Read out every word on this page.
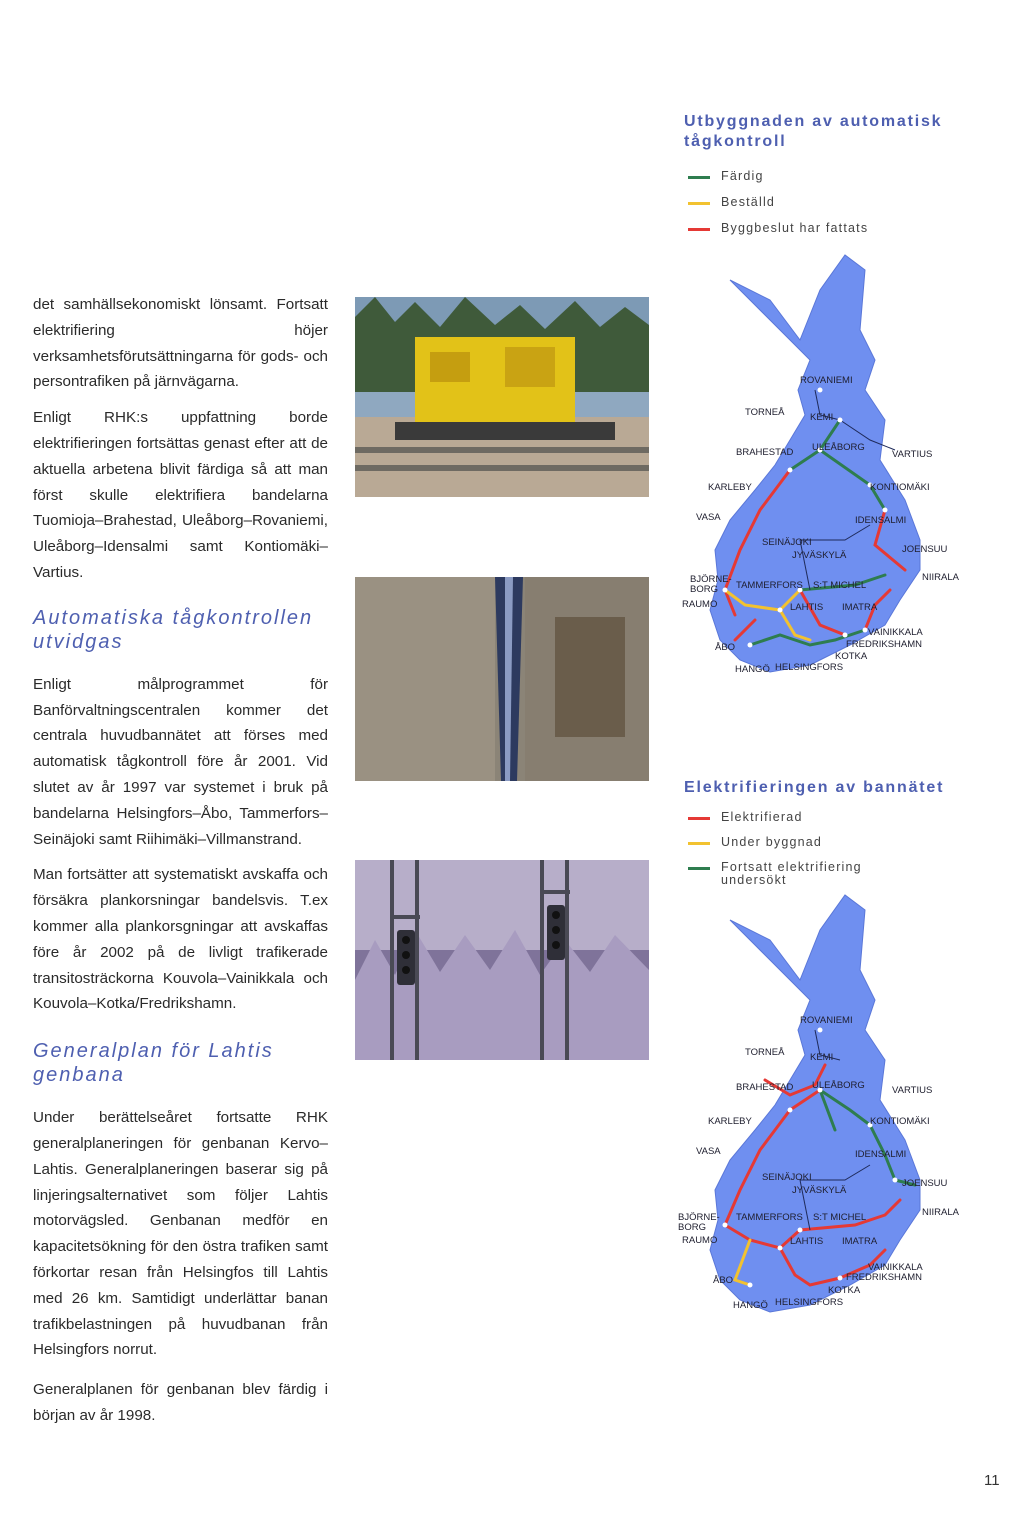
Utbyggnaden av automatisk tågkontroll
Färdig
Beställd
Byggbeslut har fattats
ROVANIEMI
TORNEÅ	KEMI
BRAHESTAD ULEÅBORG
VARTIUS
KARLEBY	KONTIOMÄKI
VASA	IDENSALMI
SEINÄJOKI
JYVÄSKYLÄ
JOENSUU
BJÖRNE-
BORG TAMMERFORS S:T MICHEL
NIIRALA
RAUMO	LAHTIS IMATRA
VAINIKKALA
ÅBO	FREDRIKSHAMN
KOTKA
HANGÖ HELSINGFORS
Elektrifieringen av bannätet
Elektrifierad
Under byggnad
Fortsatt elektrifiering undersökt
ROVANIEMI
TORNEÅ	KEMI
BRAHESTAD ULEÅBORG	VARTIUS
KARLEBY	KONTIOMÄKI
VASA	IDENSALMI
SEINÄJOKI
JYVÄSKYLÄ
JOENSUU
BJÖRNE-
BORG
TAMMERFORS S:T MICHEL	NIIRALA
RAUMO	LAHTIS IMATRA
VAINIKKALA
ÅBO	FREDRIKSHAMN
KOTKA
HANGÖ HELSINGFORS

det samhällsekonomiskt lönsamt. Fortsatt elektrifiering höjer verksamhetsförutsättningarna för gods- och persontrafiken på järnvägarna.

Enligt RHK:s uppfattning borde elektrifieringen fortsättas genast efter att de aktuella arbetena blivit färdiga så att man först skulle elektrifiera bandelarna Tuomioja–Brahestad, Uleåborg–Rovaniemi, Uleåborg–Idensalmi samt Kontiomäki–Vartius.

Automatiska tågkontrollen utvidgas

Enligt målprogrammet för Banförvaltningscentralen kommer det centrala huvudbannätet att förses med automatisk tågkontroll före år 2001. Vid slutet av år 1997 var systemet i bruk på bandelarna Helsingfors–Åbo, Tammerfors–Seinäjoki samt Riihimäki–Villmanstrand.

Man fortsätter att systematiskt avskaffa och försäkra plankorsningar bandelsvis. T.ex kommer alla plankorsgningar att avskaffas före år 2002 på de livligt trafikerade transitosträckorna Kouvola–Vainikkala och Kouvola–Kotka/Fredrikshamn.

Generalplan för Lahtis genbana

Under berättelseåret fortsatte RHK generalplaneringen för genbanan Kervo–Lahtis. Generalplaneringen baserar sig på linjeringsalternativet som följer Lahtis motorvägsled. Genbanan medför en kapacitetsökning för den östra trafiken samt förkortar resan från Helsingfos till Lahtis med 26 km. Samtidigt underlättar banan trafikbelastningen på huvudbanan från Helsingfors norrut.

Generalplanen för genbanan blev färdig i början av år 1998.

11
